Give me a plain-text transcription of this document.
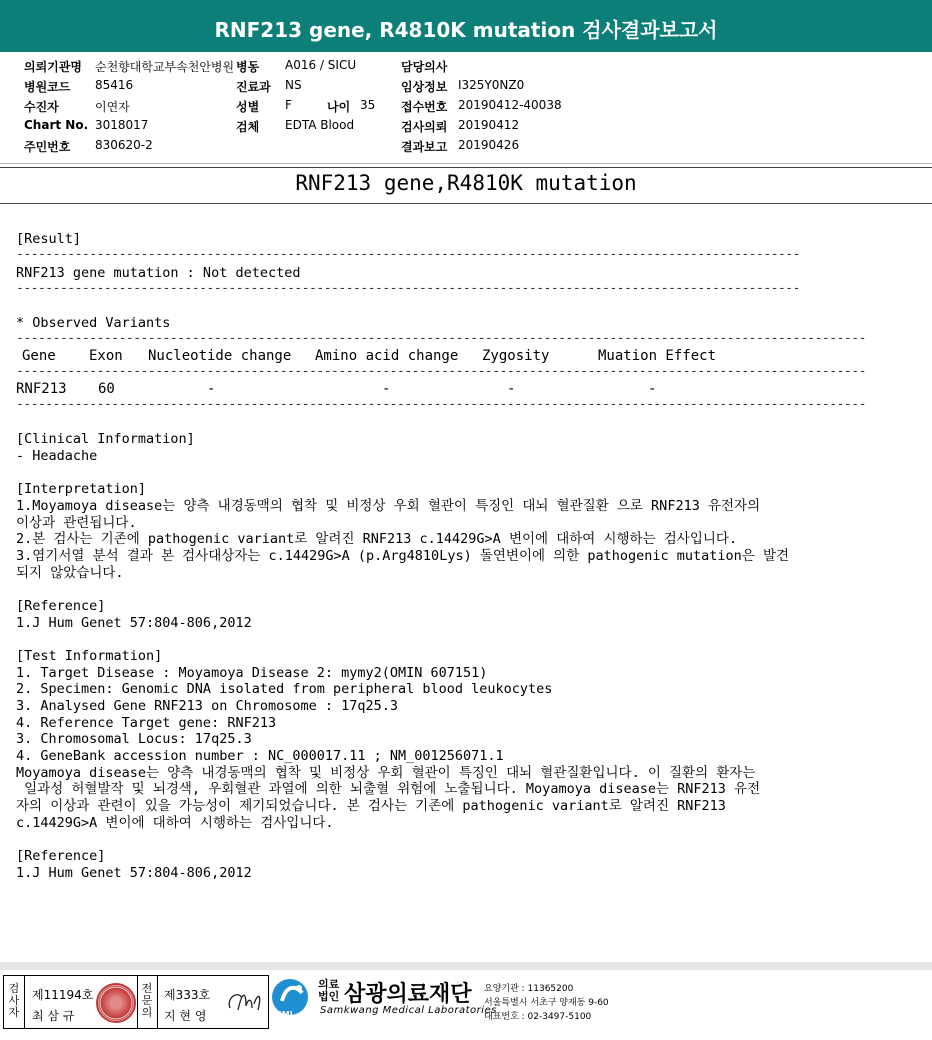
RNF213 gene, R4810K mutation 검사결과보고서
의뢰기관명 순천향대학교부속천안병원 병동 A016 / SICU	담당의사
병원코드 85416	진료과 NS	임상정보 I325Y0NZ0
수진자	이연자	성별 F	나이 35 접수번호 20190412-40038
Chart No. 3018017	검체 EDTA Blood	검사의뢰 20190412
주민번호 830620-2	결과보고 20190426
RNF213 gene,R4810K mutation
[Result]
-----------------------------------------------------------------------------------------------------------
RNF213 gene mutation : Not detected
-----------------------------------------------------------------------------------------------------------
* Observed Variants
--------------------------------------------------------------------------------------------------------------------
Gene Exon Nucleotide change Amino acid change Zygosity	Muation Effect
--------------------------------------------------------------------------------------------------------------------
RNF213 60	-	-	-	-
--------------------------------------------------------------------------------------------------------------------
[Clinical Information]
- Headache
[Interpretation]
1.Moyamoya disease는 양측 내경동맥의 협착 및 비정상 우회 혈관이 특징인 대뇌 혈관질환 으로 RNF213 유전자의
이상과 관련됩니다.
2.본 검사는 기존에 pathogenic variant로 알려진 RNF213 c.14429G>A 변이에 대하여 시행하는 검사입니다.
3.염기서열 분석 결과 본 검사대상자는 c.14429G>A (p.Arg4810Lys) 돌연변이에 의한 pathogenic mutation은 발견
되지 않았습니다.
[Reference]
1.J Hum Genet 57:804-806,2012
[Test Information]
1. Target Disease : Moyamoya Disease 2: mymy2(OMIN 607151)
2. Specimen: Genomic DNA isolated from peripheral blood leukocytes
3. Analysed Gene RNF213 on Chromosome : 17q25.3
4. Reference Target gene: RNF213
3. Chromosomal Locus: 17q25.3
4. GeneBank accession number : NC_000017.11 ; NM_001256071.1
Moyamoya disease는 양측 내경동맥의 협착 및 비정상 우회 혈관이 특징인 대뇌 혈관질환입니다. 이 질환의 환자는
일과성 허혈발작 및 뇌경색, 우회혈관 과열에 의한 뇌출혈 위험에 노출됩니다. Moyamoya disease는 RNF213 유전
자의 이상과 관련이 있을 가능성이 제기되었습니다. 본 검사는 기존에 pathogenic variant로 알려진 RNF213
c.14429G>A 변이에 대하여 시행하는 검사입니다.
[Reference]
1.J Hum Genet 57:804-806,2012
검사자
제11194호
최 삼 규
전문의
제333호
지 현 영	SML
의료법인 삼광의료재단
Samkwang Medical Laboratories
요양기관 : 11365200
서울특별시 서초구 양재동 9-60
대표번호 : 02-3497-5100
